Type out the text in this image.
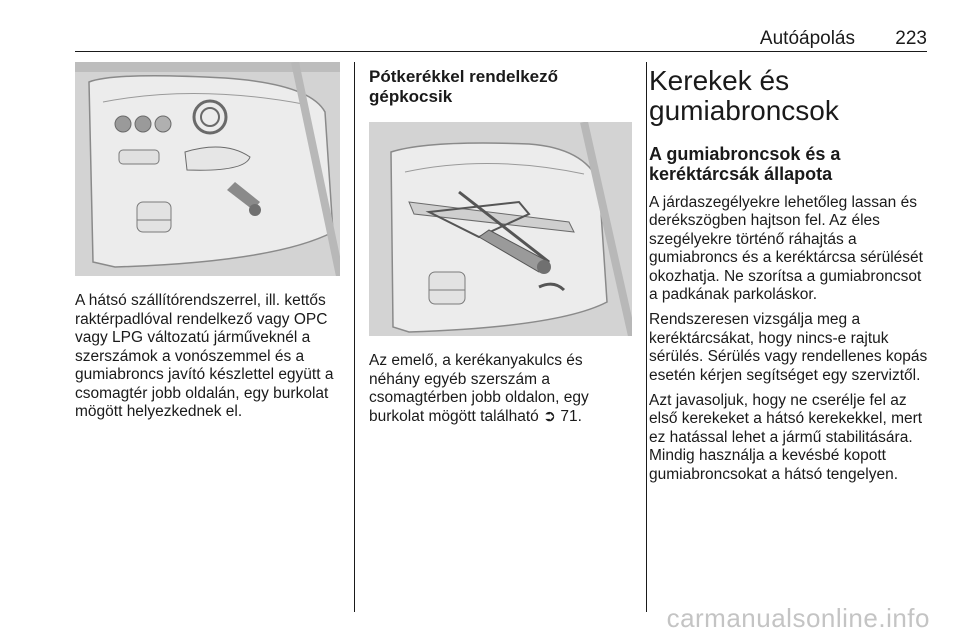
Autóápolás 223

A hátsó szállítórendszerrel, ill. kettős raktérpadlóval rendelkező vagy OPC vagy LPG változatú járműveknél a szerszámok a vonószemmel és a gumiabroncs javító készlettel együtt a csomagtér jobb oldalán, egy burkolat mögött helyezkednek el.

Pótkerékkel rendelkező gépkocsik

Az emelő, a kerékanyakulcs és néhány egyéb szerszám a csomagtérben jobb oldalon, egy burkolat mögött található ➲ 71.

Kerekek és gumiabroncsok
A gumiabroncsok és a keréktárcsák állapota

A járdaszegélyekre lehetőleg lassan és derékszögben hajtson fel. Az éles szegélyekre történő ráhajtás a gumiabroncs és a keréktárcsa sérülését okozhatja. Ne szorítsa a gumiabroncsot a padkának parkoláskor.

Rendszeresen vizsgálja meg a keréktárcsákat, hogy nincs-e rajtuk sérülés. Sérülés vagy rendellenes kopás esetén kérjen segítséget egy szerviztől.

Azt javasoljuk, hogy ne cserélje fel az első kerekeket a hátsó kerekekkel, mert ez hatással lehet a jármű stabilitására. Mindig használja a kevésbé kopott gumiabroncsokat a hátsó tengelyen.

carmanualsonline.info
